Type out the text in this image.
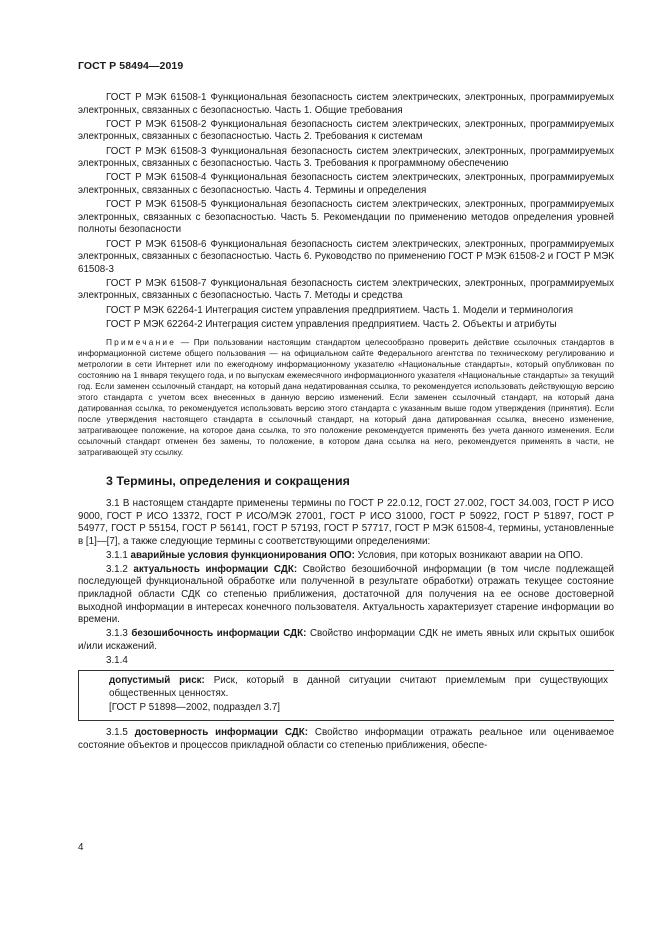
ГОСТ Р 58494—2019

ГОСТ Р МЭК 61508-1 Функциональная безопасность систем электрических, электронных, программируемых электронных, связанных с безопасностью. Часть 1. Общие требования

ГОСТ Р МЭК 61508-2 Функциональная безопасность систем электрических, электронных, программируемых электронных, связанных с безопасностью. Часть 2. Требования к системам

ГОСТ Р МЭК 61508-3 Функциональная безопасность систем электрических, электронных, программируемых электронных, связанных с безопасностью. Часть 3. Требования к программному обеспечению

ГОСТ Р МЭК 61508-4 Функциональная безопасность систем электрических, электронных, программируемых электронных, связанных с безопасностью. Часть 4. Термины и определения

ГОСТ Р МЭК 61508-5 Функциональная безопасность систем электрических, электронных, программируемых электронных, связанных с безопасностью. Часть 5. Рекомендации по применению методов определения уровней полноты безопасности

ГОСТ Р МЭК 61508-6 Функциональная безопасность систем электрических, электронных, программируемых электронных, связанных с безопасностью. Часть 6. Руководство по применению ГОСТ Р МЭК 61508-2 и ГОСТ Р МЭК 61508-3

ГОСТ Р МЭК 61508-7 Функциональная безопасность систем электрических, электронных, программируемых электронных, связанных с безопасностью. Часть 7. Методы и средства

ГОСТ Р МЭК 62264-1 Интеграция систем управления предприятием. Часть 1. Модели и терминология

ГОСТ Р МЭК 62264-2 Интеграция систем управления предприятием. Часть 2. Объекты и атрибуты

Примечание — При пользовании настоящим стандартом целесообразно проверить действие ссылочных стандартов в информационной системе общего пользования — на официальном сайте Федерального агентства по техническому регулированию и метрологии в сети Интернет или по ежегодному информационному указателю «Национальные стандарты», который опубликован по состоянию на 1 января текущего года, и по выпускам ежемесячного информационного указателя «Национальные стандарты» за текущий год. Если заменен ссылочный стандарт, на который дана недатированная ссылка, то рекомендуется использовать действующую версию этого стандарта с учетом всех внесенных в данную версию изменений. Если заменен ссылочный стандарт, на который дана датированная ссылка, то рекомендуется использовать версию этого стандарта с указанным выше годом утверждения (принятия). Если после утверждения настоящего стандарта в ссылочный стандарт, на который дана датированная ссылка, внесено изменение, затрагивающее положение, на которое дана ссылка, то это положение рекомендуется применять без учета данного изменения. Если ссылочный стандарт отменен без замены, то положение, в котором дана ссылка на него, рекомендуется применять в части, не затрагивающей эту ссылку.

3 Термины, определения и сокращения

3.1 В настоящем стандарте применены термины по ГОСТ Р 22.0.12, ГОСТ 27.002, ГОСТ 34.003, ГОСТ Р ИСО 9000, ГОСТ Р ИСО 13372, ГОСТ Р ИСО/МЭК 27001, ГОСТ Р ИСО 31000, ГОСТ Р 50922, ГОСТ Р 51897, ГОСТ Р 54977, ГОСТ Р 55154, ГОСТ Р 56141, ГОСТ Р 57193, ГОСТ Р 57717, ГОСТ Р МЭК 61508-4, термины, установленные в [1]—[7], а также следующие термины с соответствующими определениями:

3.1.1 аварийные условия функционирования ОПО: Условия, при которых возникают аварии на ОПО.

3.1.2 актуальность информации СДК: Свойство безошибочной информации (в том числе подлежащей последующей функциональной обработке или полученной в результате обработки) отражать текущее состояние прикладной области СДК со степенью приближения, достаточной для получения на ее основе достоверной выходной информации в интересах конечного пользователя. Актуальность характеризует старение информации во времени.

3.1.3 безошибочность информации СДК: Свойство информации СДК не иметь явных или скрытых ошибок и/или искажений.

3.1.4

допустимый риск: Риск, который в данной ситуации считают приемлемым при существующих общественных ценностях.

[ГОСТ Р 51898—2002, подраздел 3.7]

3.1.5 достоверность информации СДК: Свойство информации отражать реальное или оцениваемое состояние объектов и процессов прикладной области со степенью приближения, обеспе-

4
